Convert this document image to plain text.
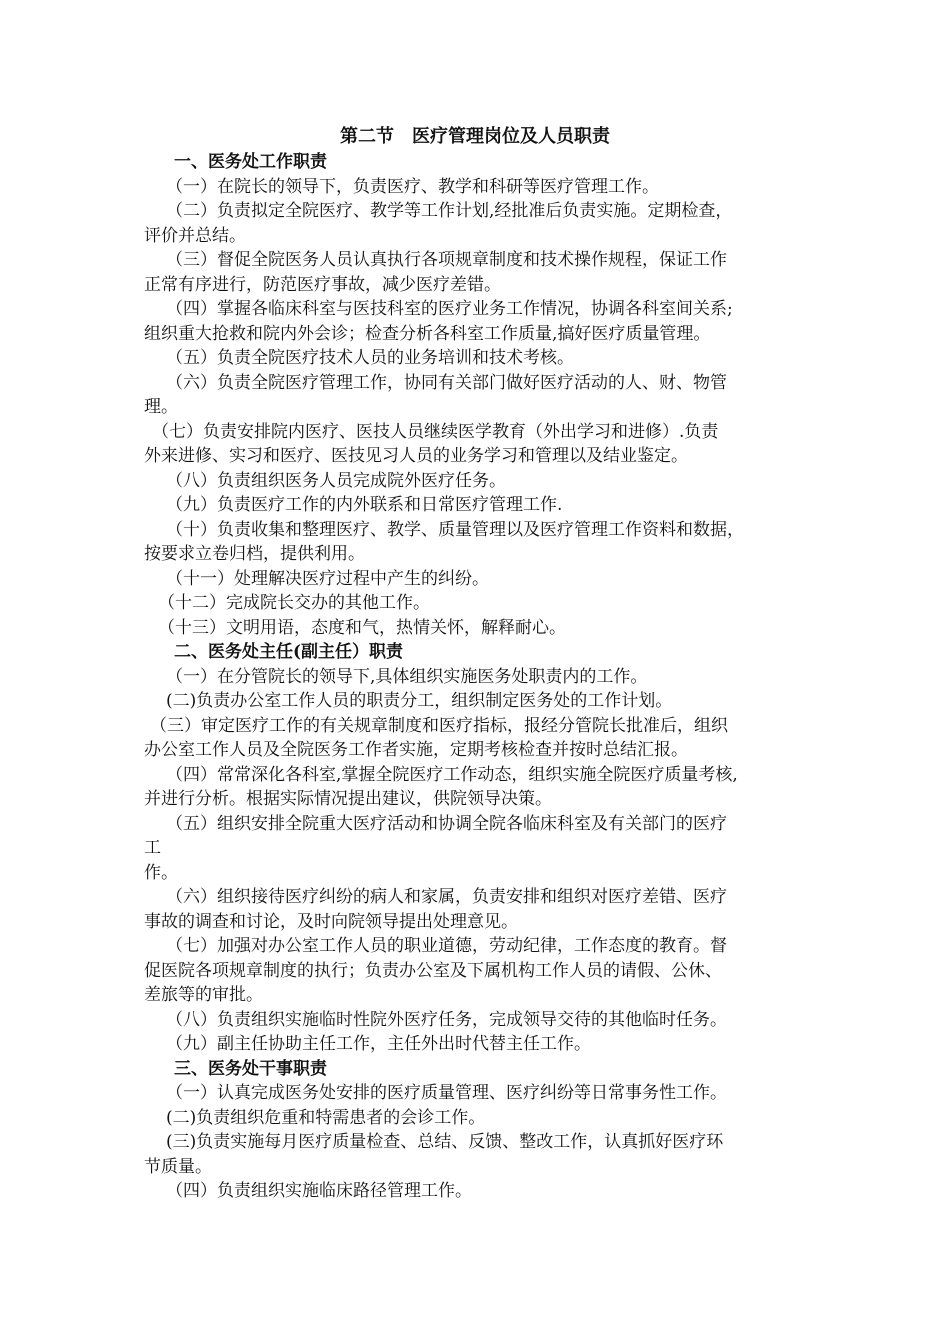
第二节　医疗管理岗位及人员职责
一、医务处工作职责
（一）在院长的领导下，负责医疗、教学和科研等医疗管理工作。
（二）负责拟定全院医疗、教学等工作计划,经批准后负责实施。定期检查，
评价并总结。
（三）督促全院医务人员认真执行各项规章制度和技术操作规程，保证工作
正常有序进行，防范医疗事故，减少医疗差错。
（四）掌握各临床科室与医技科室的医疗业务工作情况，协调各科室间关系;
组织重大抢救和院内外会诊；检查分析各科室工作质量,搞好医疗质量管理。
（五）负责全院医疗技术人员的业务培训和技术考核。
（六）负责全院医疗管理工作，协同有关部门做好医疗活动的人、财、物管
理。
（七）负责安排院内医疗、医技人员继续医学教育（外出学习和进修）.负责
外来进修、实习和医疗、医技见习人员的业务学习和管理以及结业鉴定。
（八）负责组织医务人员完成院外医疗任务。
（九）负责医疗工作的内外联系和日常医疗管理工作.
（十）负责收集和整理医疗、教学、质量管理以及医疗管理工作资料和数据，
按要求立卷归档，提供利用。
（十一）处理解决医疗过程中产生的纠纷。
（十二）完成院长交办的其他工作。
（十三）文明用语，态度和气，热情关怀，解释耐心。
二、医务处主任(副主任）职责
（一）在分管院长的领导下,具体组织实施医务处职责内的工作。
(二)负责办公室工作人员的职责分工，组织制定医务处的工作计划。
（三）审定医疗工作的有关规章制度和医疗指标，报经分管院长批准后，组织
办公室工作人员及全院医务工作者实施，定期考核检查并按时总结汇报。
（四）常常深化各科室,掌握全院医疗工作动态，组织实施全院医疗质量考核,
并进行分析。根据实际情况提出建议，供院领导决策。
（五）组织安排全院重大医疗活动和协调全院各临床科室及有关部门的医疗
工
作。
（六）组织接待医疗纠纷的病人和家属，负责安排和组织对医疗差错、医疗
事故的调查和讨论，及时向院领导提出处理意见。
（七）加强对办公室工作人员的职业道德，劳动纪律，工作态度的教育。督
促医院各项规章制度的执行；负责办公室及下属机构工作人员的请假、公休、
差旅等的审批。
（八）负责组织实施临时性院外医疗任务，完成领导交待的其他临时任务。
（九）副主任协助主任工作，主任外出时代替主任工作。
三、医务处干事职责
（一）认真完成医务处安排的医疗质量管理、医疗纠纷等日常事务性工作。
(二)负责组织危重和特需患者的会诊工作。
(三)负责实施每月医疗质量检查、总结、反馈、整改工作，认真抓好医疗环
节质量。
（四）负责组织实施临床路径管理工作。
